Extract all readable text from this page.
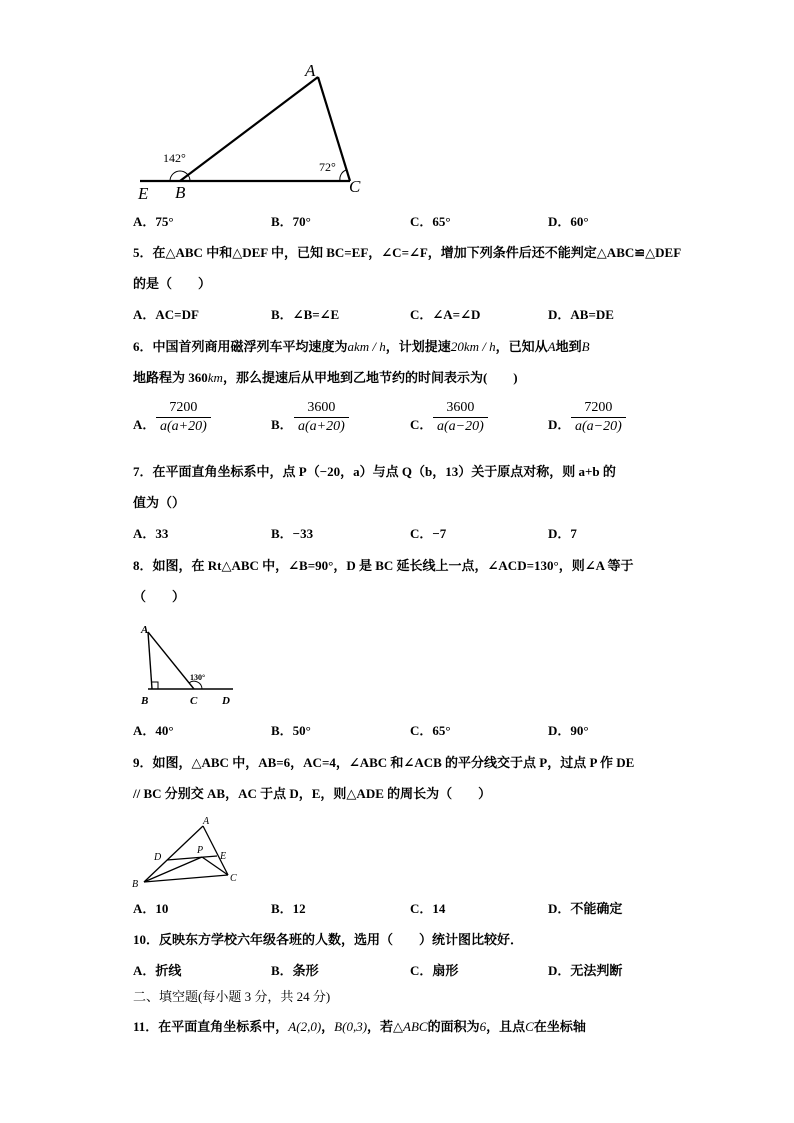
A
B	C
E
142°
72°
A．75°	B．70°	C．65°	D．60°
5．在△ABC 中和△DEF 中，已知 BC=EF，∠C=∠F，增加下列条件后还不能判定△ABC≌△DEF
的是（　　）
A．AC=DF	B．∠B=∠E	C．∠A=∠D	D．AB=DE
6．中国首列商用磁浮列车平均速度为akm / h，计划提速20km / h，已知从A地到B
地路程为 360km，那么提速后从甲地到乙地节约的时间表示为(　　)
A． $\frac{7200}{a(a+20)}$	B． $\frac{3600}{a(a+20)}$	C． $\frac{3600}{a(a-20)}$	D． $\frac{7200}{a(a-20)}$
7．在平面直角坐标系中，点 P（−20，a）与点 Q（b，13）关于原点对称，则 a+b 的
值为（）
A．33	B．−33	C．−7	D．7
8．如图，在 Rt△ABC 中，∠B=90°，D 是 BC 延长线上一点，∠ACD=130°，则∠A 等于
（　　）
A
B	C D
130°
A．40°	B．50°	C．65°	D．90°
9．如图，△ABC 中，AB=6，AC=4，∠ABC 和∠ACB 的平分线交于点 P，过点 P 作 DE
// BC 分别交 AB，AC 于点 D，E，则△ADE 的周长为（　　）
A
B
C
D	E
P
A．10	B．12	C．14	D．不能确定
10．反映东方学校六年级各班的人数，选用（　　）统计图比较好．
A．折线	B．条形	C．扇形	D．无法判断
二、填空题(每小题 3 分，共 24 分)
11．在平面直角坐标系中，A(2,0)，B(0,3)，若△ABC的面积为6，且点C在坐标轴
